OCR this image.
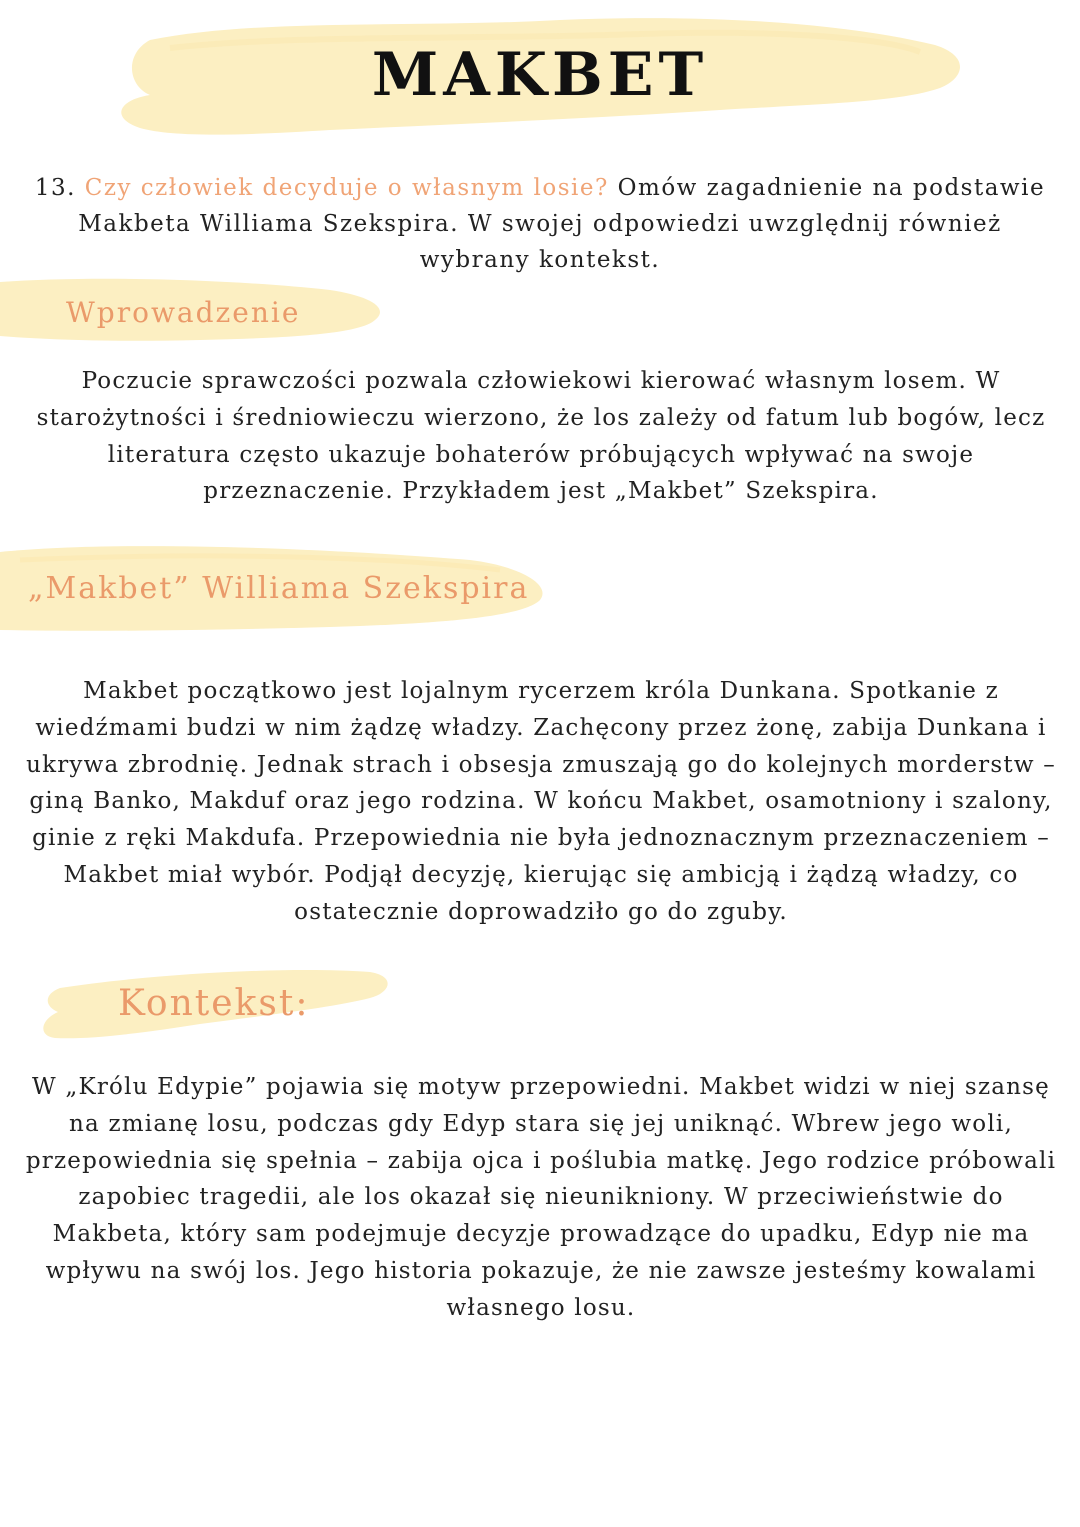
MAKBET
13. Czy człowiek decyduje o własnym losie? Omów zagadnienie na podstawie Makbeta Williama Szekspira. W swojej odpowiedzi uwzględnij również wybrany kontekst.
Wprowadzenie
Poczucie sprawczości pozwala człowiekowi kierować własnym losem. W starożytności i średniowieczu wierzono, że los zależy od fatum lub bogów, lecz literatura często ukazuje bohaterów próbujących wpływać na swoje przeznaczenie. Przykładem jest „Makbet” Szekspira.
„Makbet” Williama Szekspira
Makbet początkowo jest lojalnym rycerzem króla Dunkana. Spotkanie z wiedźmami budzi w nim żądzę władzy. Zachęcony przez żonę, zabija Dunkana i ukrywa zbrodnię. Jednak strach i obsesja zmuszają go do kolejnych morderstw – giną Banko, Makduf oraz jego rodzina. W końcu Makbet, osamotniony i szalony, ginie z ręki Makdufa. Przepowiednia nie była jednoznacznym przeznaczeniem – Makbet miał wybór. Podjął decyzję, kierując się ambicją i żądzą władzy, co ostatecznie doprowadziło go do zguby.
Kontekst:
W „Królu Edypie” pojawia się motyw przepowiedni. Makbet widzi w niej szansę na zmianę losu, podczas gdy Edyp stara się jej uniknąć. Wbrew jego woli, przepowiednia się spełnia – zabija ojca i poślubia matkę. Jego rodzice próbowali zapobiec tragedii, ale los okazał się nieunikniony. W przeciwieństwie do Makbeta, który sam podejmuje decyzje prowadzące do upadku, Edyp nie ma wpływu na swój los. Jego historia pokazuje, że nie zawsze jesteśmy kowalami własnego losu.
